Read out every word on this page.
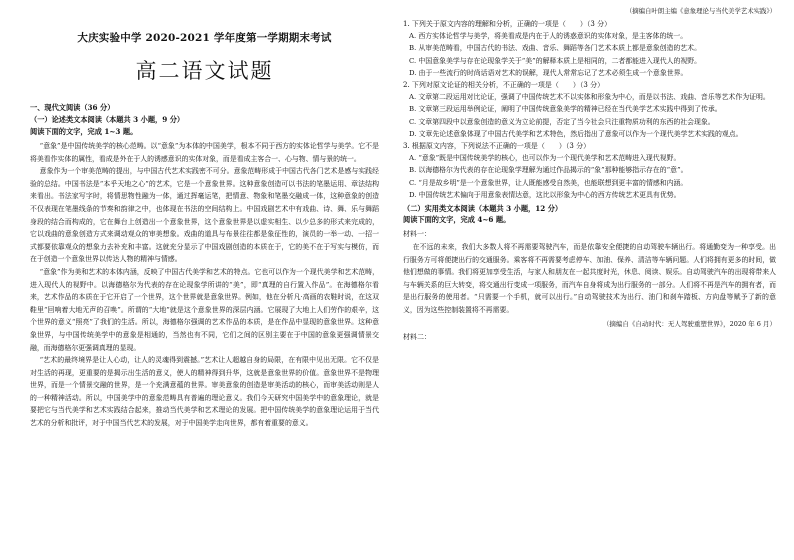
大庆实验中学 2020-2021 学年度第一学期期末考试
高二语文试题
一、现代文阅读（36 分）
（一）论述类文本阅读（本题共 3 小题，9 分）
阅读下面的文字，完成 1~3 题。

“意象”是中国传统美学的核心范畴。以“意象”为本体的中国美学，根本不同于西方的实体论哲学与美学。它不是将美看作实体的属性，看成是外在于人的诱感意识的实体对象，而是看成主客合一、心与物、情与景的统一。

意象作为一个审美范畴的提出，与中国古代艺术实践密不可分。意象范畴形成于中国古代各门艺术是感与实践经验的总结。中国书法是“本乎天地之心”的艺术，它是一个意象世界。这种意象创造可以书法的笔墨运用、章法结构来看出。书法家写字时，将情思物性融为一体，通过挥毫运笔，把情意、物象和笔墨交融成一体，这种意象的创造不仅表现在笔墨线条的节奏和韵律之中，也体现在书法的空间结构上。中国戏剧艺术中有戏曲、诗、舞、乐与舞蹈身段的结合而构成的，它在舞台上创造出一个意象世界，这个意象世界是以虚实相生、以少总多的形式来完成的，它以戏曲的意象创造方式来调动观众的审美想象。戏曲的道具与布景往往都是象征性的，演员的一举一动、一招一式都要依靠观众的想象力去补充和丰富。这就充分显示了中国戏剧创造的本质在于，它的美不在于写实与模仿，而在于创造一个意象世界以传达人物的精神与情感。

“意象”作为美和艺术的本体内涵，反映了中国古代美学和艺术的特点。它也可以作为一个现代美学和艺术范畴，进入现代人的视野中。以海德格尔为代表的存在论现象学所讲的“美”，即“真理的自行置入作品”。在海德格尔看来，艺术作品的本质在于它开启了一个世界，这个世界就是意象世界。例如，他在分析凡·高画的农鞋时说，在这双鞋里“回响着大地无声的召唤”。所谓的“大地”就是这个意象世界的深层内涵。它展现了大地上人们劳作的艰辛，这个世界的意义“照亮”了我们的生活。所以，海德格尔强调的艺术作品的本质，是在作品中显现的意象世界。这种意象世界，与中国传统美学中的意象是相通的，当然也有不同，它们之间的区别主要在于中国的意象更强调情景交融，而海德格尔更强调真理的显现。

“艺术的最终境界是让人心动，让人的灵魂得到震撼。”艺术让人超越自身的局限，在有限中见出无限。它不仅是对生活的再现，更重要的是揭示出生活的意义，使人的精神得到升华，这就是意象世界的价值。意象世界不是物理世界，而是一个情景交融的世界，是一个充满意蕴的世界。审美意象的创造是审美活动的核心，而审美活动则是人的一种精神活动。所以，中国美学中的意象范畴具有普遍的理论意义。我们今天研究中国美学中的意象理论，就是要把它与当代美学和艺术实践结合起来，推动当代美学和艺术理论的发展。把中国传统美学的意象理论运用于当代艺术的分析和批评，对于中国当代艺术的发展，对于中国美学走向世界，都有着重要的意义。

（摘编自叶朗主编《意象理论与当代美学艺术实践》）

1. 下列关于原文内容的理解和分析，正确的一项是（　　）（3 分）

A. 西方实体论哲学与美学，将美看成是内在于人的诱惑意识的实体对象，是主客体的统一。

B. 从审美范畴看，中国古代的书法、戏曲、音乐、舞蹈等各门艺术本质上都是意象创造的艺术。

C. 中国意象美学与存在论现象学关于“美”的解释本质上是相同的，二者都能进入现代人的视野。

D. 由于一些流行的时尚话语对艺术的误解，现代人常常忘记了艺术必须生成一个意象世界。

2. 下列对原文论证的相关分析，不正确的一项是（　　）（3 分）

A. 文章第二段运用对比论证，强调了中国传统艺术不以实体和形象为中心，而是以书法、戏曲、音乐等艺术作为证明。

B. 文章第三段运用举例论证，阐明了中国传统意象美学的精神已经在当代美学艺术实践中得到了传承。

C. 文章第四段中以意象创造的意义为立论前提，否定了当今社会只注重物质功利的东西的社会现象。

D. 文章先论述意象体现了中国古代美学和艺术特色，然后指出了意象可以作为一个现代美学艺术实践的观点。

3. 根据原文内容，下列说法不正确的一项是（　　）（3 分）

A. “意象”既是中国传统美学的核心，也可以作为一个现代美学和艺术范畴进入现代视野。

B. 以海德格尔为代表的存在论现象学理解为通过作品揭示的“象”那种能够指示存在的“意”。

C. “月是故乡明”是一个意象世界，让人既能感受自然美，也能联想到更丰富的情感和内涵。

D. 中国传统艺术偏向于用意象表情达意，这比以形象为中心的西方传统艺术更具有优势。

（二）实用类文本阅读（本题共 3 小题，12 分）
阅读下面的文字，完成 4~6 题。
材料一：

在不远的未来，我们大多数人将不再需要驾驶汽车，而是依靠安全便捷的自动驾驶车辆出行。将通勤变为一种享受。出行服务方可将便捷出行的交通服务。乘客将不再需要考虑停车、加油、保养、清洁等车辆问题。人们将拥有更多的时间，做他们想做的事情。我们将更加享受生活，与家人和朋友在一起共度时光，休息、阅读、娱乐。自动驾驶汽车的出现将带来人与车辆关系的巨大转变，将交通出行变成一项服务，而汽车自身将成为出行服务的一部分。人们将不再是汽车的拥有者，而是出行服务的使用者。“只需要一个手机，就可以出行。”自动驾驶技术为出行、油门和刹车踏板、方向盘等赋予了新的意义，因为这些控制装置将不再需要。

（摘编自《自动时代：无人驾驶重塑世界》，2020 年 6 月）
材料二：
